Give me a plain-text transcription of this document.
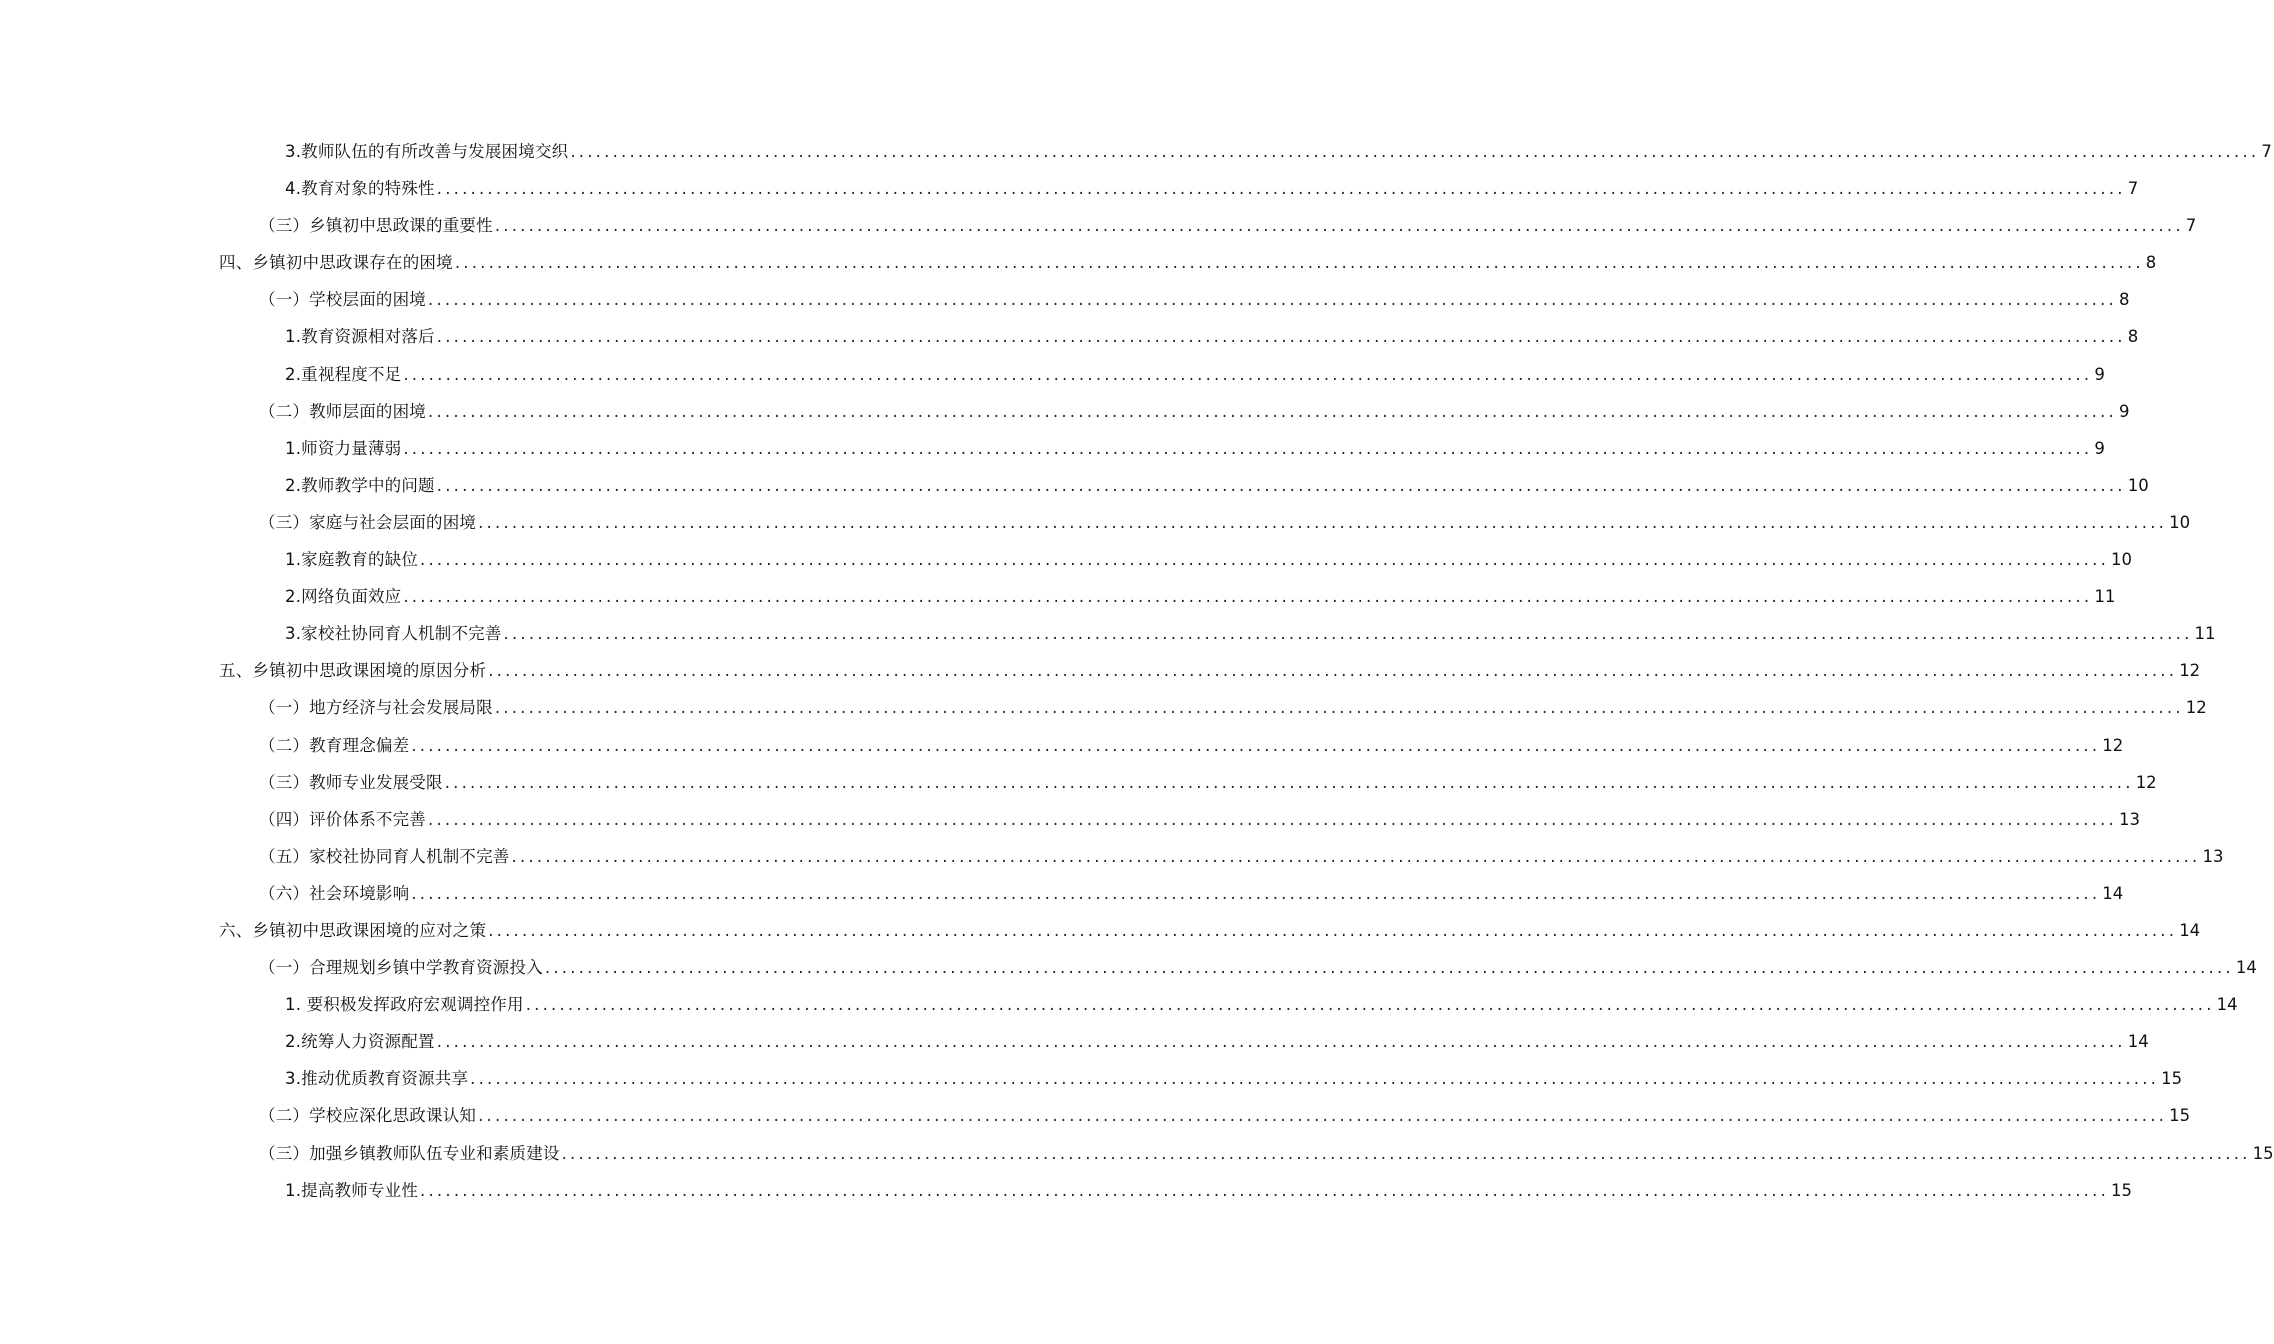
3.教师队伍的有所改善与发展困境交织 ........................................................................................................................................................................................................ 7
4.教育对象的特殊性 ........................................................................................................................................................................................................ 7
（三）乡镇初中思政课的重要性 ........................................................................................................................................................................................................ 7
四、乡镇初中思政课存在的困境 ........................................................................................................................................................................................................ 8
（一）学校层面的困境 ........................................................................................................................................................................................................ 8
1.教育资源相对落后 ........................................................................................................................................................................................................ 8
2.重视程度不足 ........................................................................................................................................................................................................ 9
（二）教师层面的困境 ........................................................................................................................................................................................................ 9
1.师资力量薄弱 ........................................................................................................................................................................................................ 9
2.教师教学中的问题 ........................................................................................................................................................................................................ 10
（三）家庭与社会层面的困境 ........................................................................................................................................................................................................ 10
1.家庭教育的缺位 ........................................................................................................................................................................................................ 10
2.网络负面效应 ........................................................................................................................................................................................................ 11
3.家校社协同育人机制不完善 ........................................................................................................................................................................................................ 11
五、乡镇初中思政课困境的原因分析 ........................................................................................................................................................................................................ 12
（一）地方经济与社会发展局限 ........................................................................................................................................................................................................ 12
（二）教育理念偏差 ........................................................................................................................................................................................................ 12
（三）教师专业发展受限 ........................................................................................................................................................................................................ 12
（四）评价体系不完善 ........................................................................................................................................................................................................ 13
（五）家校社协同育人机制不完善 ........................................................................................................................................................................................................ 13
（六）社会环境影响 ........................................................................................................................................................................................................ 14
六、乡镇初中思政课困境的应对之策 ........................................................................................................................................................................................................ 14
（一）合理规划乡镇中学教育资源投入 ........................................................................................................................................................................................................ 14
1. 要积极发挥政府宏观调控作用 ........................................................................................................................................................................................................ 14
2.统筹人力资源配置 ........................................................................................................................................................................................................ 14
3.推动优质教育资源共享 ........................................................................................................................................................................................................ 15
（二）学校应深化思政课认知 ........................................................................................................................................................................................................ 15
（三）加强乡镇教师队伍专业和素质建设 ........................................................................................................................................................................................................ 15
1.提高教师专业性 ........................................................................................................................................................................................................ 15
